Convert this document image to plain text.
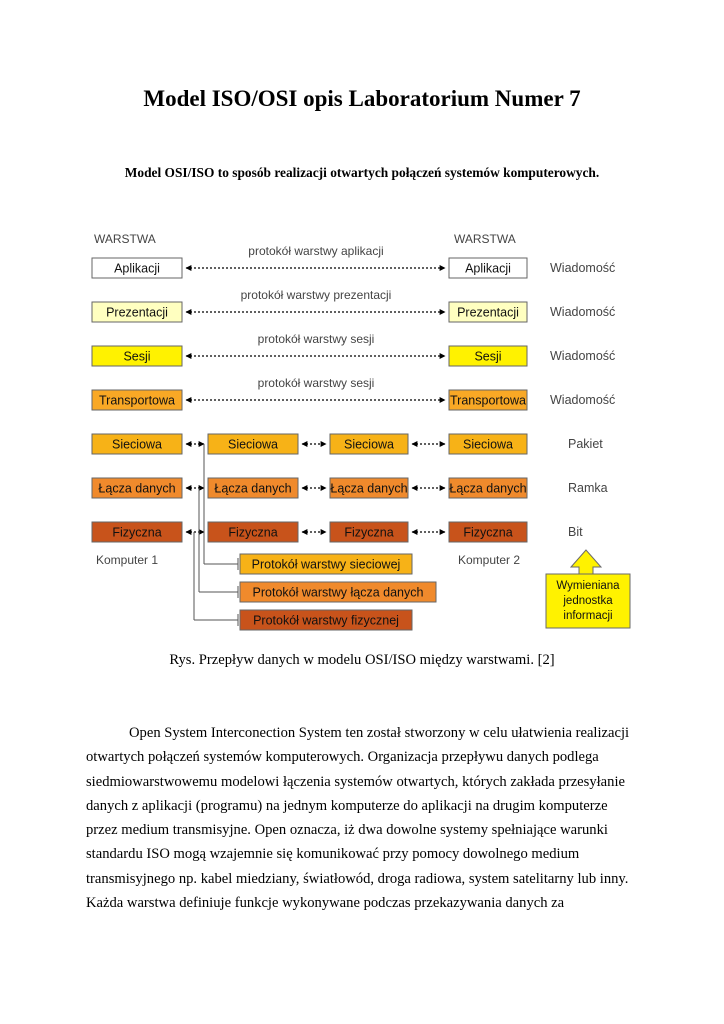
Model ISO/OSI opis Laboratorium Numer 7
Model OSI/ISO to sposób realizacji otwartych połączeń systemów komputerowych.
WARSTWA	WARSTWA
Aplikacji	Aplikacji
protokół warstwy aplikacji
Wiadomość
Prezentacji	Prezentacji
protokół warstwy prezentacji
Wiadomość
Sesji	Sesji
protokół warstwy sesji
Wiadomość
Transportowa	Transportowa
protokół warstwy sesji
Wiadomość
Sieciowa	Sieciowa	Sieciowa	Sieciowa	Pakiet
Łącza danych	Łącza danych	Łącza danych	Łącza danych	Ramka
Fizyczna	Fizyczna	Fizyczna	Fizyczna	Bit
Komputer 1	Komputer 2
Protokół warstwy sieciowej
Protokół warstwy łącza danych
Protokół warstwy fizycznej
Wymieniana
jednostka
informacji
Rys. Przepływ danych w modelu OSI/ISO między warstwami. [2]

Open System Interconection System ten został stworzony w celu ułatwienia realizacji

otwartych połączeń systemów komputerowych. Organizacja przepływu danych podlega

siedmiowarstwowemu modelowi łączenia systemów otwartych, których zakłada przesyłanie

danych z aplikacji (programu) na jednym komputerze do aplikacji na drugim komputerze

przez medium transmisyjne. Open oznacza, iż dwa dowolne systemy spełniające warunki

standardu ISO mogą wzajemnie się komunikować przy pomocy dowolnego medium

transmisyjnego np. kabel miedziany, światłowód, droga radiowa, system satelitarny lub inny.

Każda warstwa definiuje funkcje wykonywane podczas przekazywania danych za
